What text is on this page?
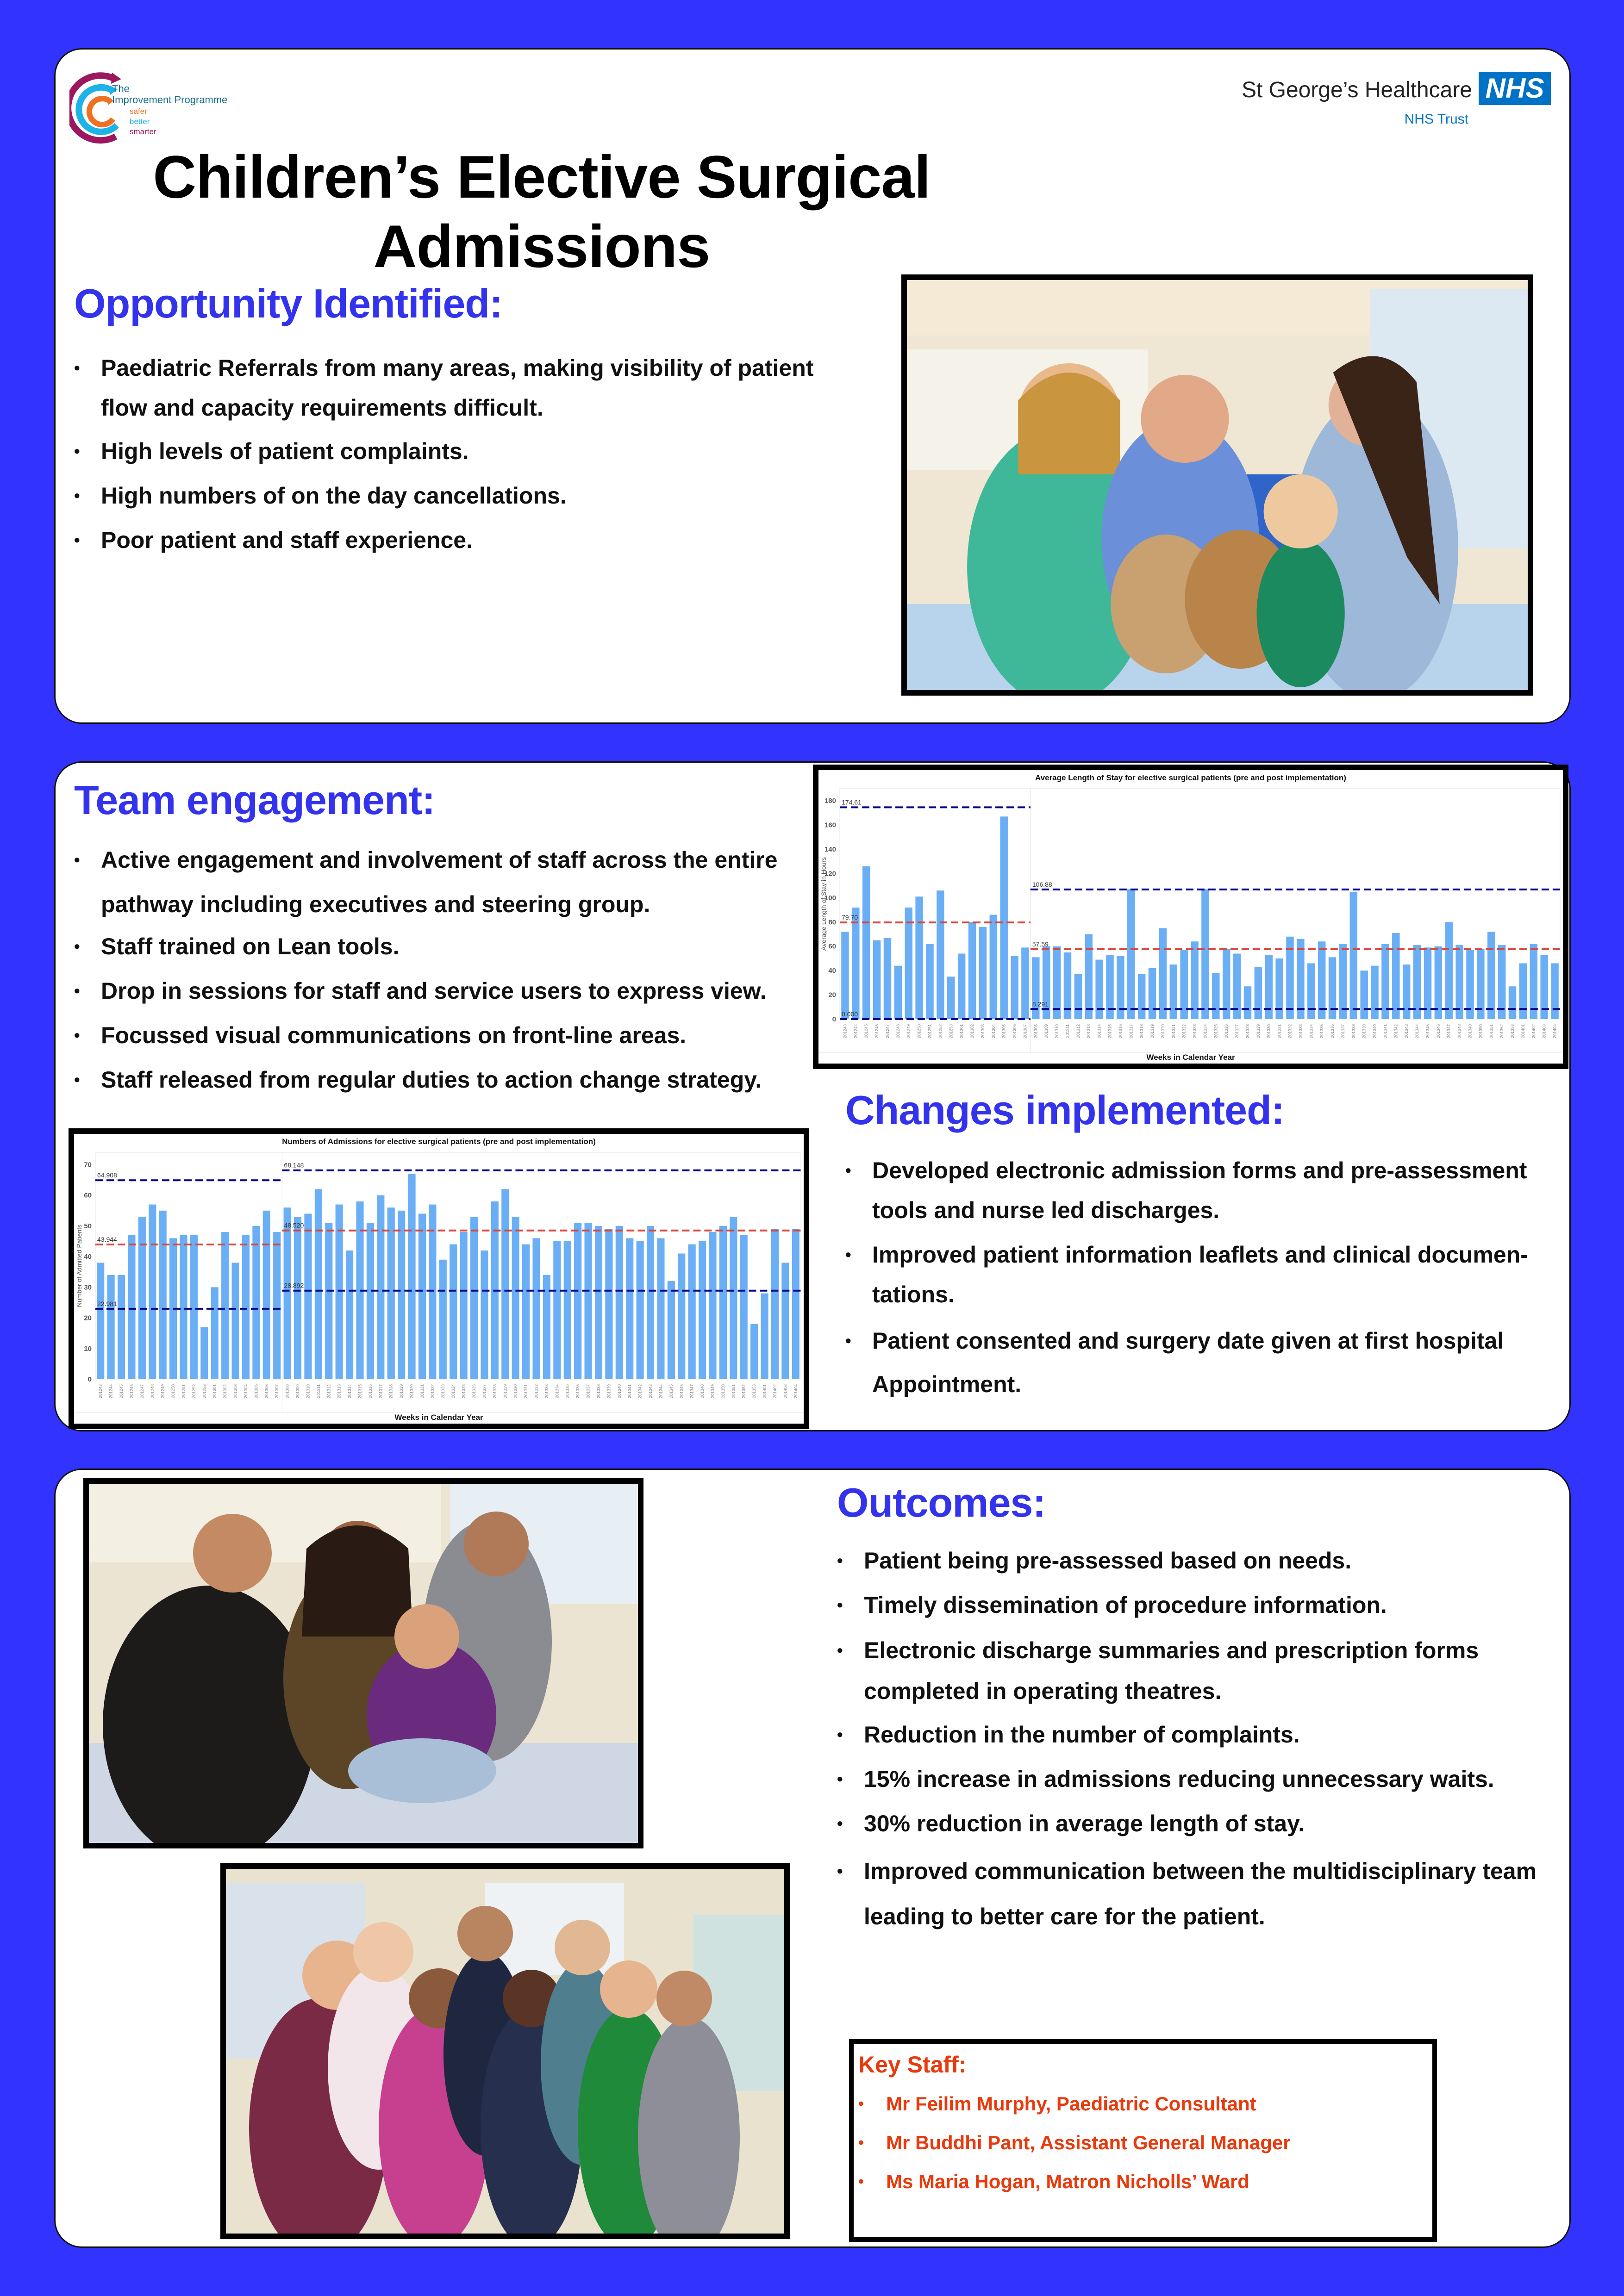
The
Improvement Programme
safer
better
smarter
St George’s Healthcare NHS
NHS Trust
Children’s Elective Surgical Admissions
Opportunity Identified:
• Paediatric Referrals from many areas, making visibility of patient flow and capacity requirements difficult.
• High levels of patient complaints.
• High numbers of on the day cancellations.
• Poor patient and staff experience.
Team engagement:
• Active engagement and involvement of staff across the entire pathway including executives and steering group.
• Staff trained on Lean tools.
• Drop in sessions for staff and service users to express view.
• Focussed visual communications on front-line areas.
• Staff released from regular duties to action change strategy.
Average Length of Stay for elective surgical patients (pre and post implementation)
0
20
40
60
80
100
120
140
160
180
Average Length of Stay in Hours
201243 201244 201245 201246 201247 201248 201249 201250 201251 201252 201253 201301 201302 201303 201304 201305 201306 201307 201308 201309 201310 201311 201312 201313 201314 201315 201316 201317 201318 201319 201320 201321 201322 201323 201324 201325 201326 201327 201328 201329 201330 201331 201332 201333 201334 201335 201336 201337 201338 201339 201340 201341 201342 201343 201344 201345 201346 201347 201348 201349 201350 201351 201352 201353 201401 201402 201403 201404
174.61
79.70
0.000
106.88
57.59
8.291
Weeks in Calendar Year
Changes implemented:
• Developed electronic admission forms and pre-assessment tools and nurse led discharges.
• Improved patient information leaflets and clinical documen-tations.
• Patient consented and surgery date given at first hospital Appointment.
Numbers of Admissions for elective surgical patients (pre and post implementation)
0
10
20
30
40
50
60
70
Number of Admitted Patients
201243 201244 201245 201246 201247 201248 201249 201250 201251 201252 201253 201301 201302 201303 201304 201305 201306 201307 201308 201309 201310 201311 201312 201313 201314 201315 201316 201317 201318 201319 201320 201321 201322 201323 201324 201325 201326 201327 201328 201329 201330 201331 201332 201333 201334 201335 201336 201337 201338 201339 201340 201341 201342 201343 201344 201345 201346 201347 201348 201349 201350 201351 201352 201353 201401 201402 201403 201404
64.908
43.944
22.981
68.148
48.520
28.892
Weeks in Calendar Year
Outcomes:
• Patient being pre-assessed based on needs.
• Timely dissemination of procedure information.
• Electronic discharge summaries and prescription forms completed in operating theatres.
• Reduction in the number of complaints.
• 15% increase in admissions reducing unnecessary waits.
• 30% reduction in average length of stay.
• Improved communication between the multidisciplinary team leading to better care for the patient.
Key Staff:
• Mr Feilim Murphy, Paediatric Consultant
• Mr Buddhi Pant, Assistant General Manager
• Ms Maria Hogan, Matron Nicholls’ Ward
